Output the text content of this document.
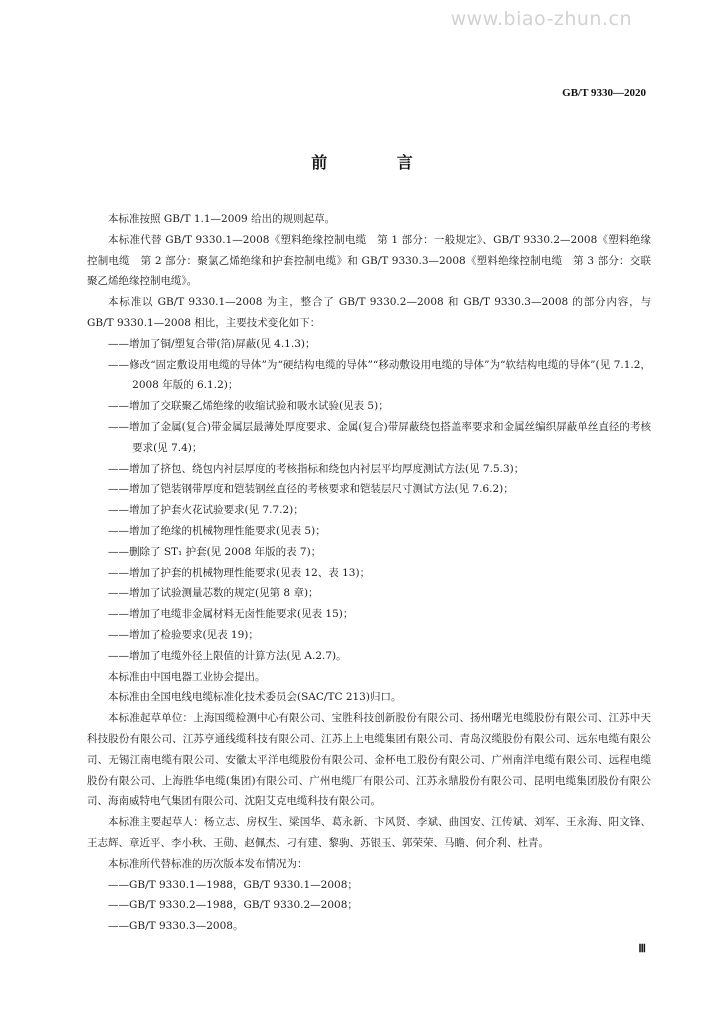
www.biao-zhun.cn
GB/T 9330—2020
前 言

本标准按照 GB/T 1.1—2009 给出的规则起草。

本标准代替 GB/T 9330.1—2008《塑料绝缘控制电缆　第 1 部分：一般规定》、GB/T 9330.2—2008《塑料绝缘控制电缆　第 2 部分：聚氯乙烯绝缘和护套控制电缆》和 GB/T 9330.3—2008《塑料绝缘控制电缆　第 3 部分：交联聚乙烯绝缘控制电缆》。

本标准以 GB/T 9330.1—2008 为主，整合了 GB/T 9330.2—2008 和 GB/T 9330.3—2008 的部分内容，与 GB/T 9330.1—2008 相比，主要技术变化如下：

——增加了铜/塑复合带(箔)屏蔽(见 4.1.3)；
——修改“固定敷设用电缆的导体”为“硬结构电缆的导体”“移动敷设用电缆的导体”为“软结构电缆的导体”(见 7.1.2，2008 年版的 6.1.2)；
——增加了交联聚乙烯绝缘的收缩试验和吸水试验(见表 5)；
——增加了金属(复合)带金属层最薄处厚度要求、金属(复合)带屏蔽绕包搭盖率要求和金属丝编织屏蔽单丝直径的考核要求(见 7.4)；
——增加了挤包、绕包内衬层厚度的考核指标和绕包内衬层平均厚度测试方法(见 7.5.3)；
——增加了铠装钢带厚度和铠装钢丝直径的考核要求和铠装层尺寸测试方法(见 7.6.2)；
——增加了护套火花试验要求(见 7.7.2)；
——增加了绝缘的机械物理性能要求(见表 5)；
——删除了 ST₁ 护套(见 2008 年版的表 7)；
——增加了护套的机械物理性能要求(见表 12、表 13)；
——增加了试验测量芯数的规定(见第 8 章)；
——增加了电缆非金属材料无卤性能要求(见表 15)；
——增加了检验要求(见表 19)；
——增加了电缆外径上限值的计算方法(见 A.2.7)。

本标准由中国电器工业协会提出。

本标准由全国电线电缆标准化技术委员会(SAC/TC 213)归口。

本标准起草单位：上海国缆检测中心有限公司、宝胜科技创新股份有限公司、扬州曙光电缆股份有限公司、江苏中天科技股份有限公司、江苏亨通线缆科技有限公司、江苏上上电缆集团有限公司、青岛汉缆股份有限公司、远东电缆有限公司、无锡江南电缆有限公司、安徽太平洋电缆股份有限公司、金杯电工股份有限公司、广州南洋电缆有限公司、远程电缆股份有限公司、上海胜华电缆(集团)有限公司、广州电缆厂有限公司、江苏永鼎股份有限公司、昆明电缆集团股份有限公司、海南威特电气集团有限公司、沈阳艾克电缆科技有限公司。

本标准主要起草人：杨立志、房权生、梁国华、葛永新、卞风贤、李斌、曲国安、江传斌、刘军、王永海、阳文锋、王志辉、章近平、李小秋、王勋、赵佩杰、刁有建、黎驹、苏银玉、郭荣荣、马瞻、何介利、杜青。

本标准所代替标准的历次版本发布情况为：

——GB/T 9330.1—1988，GB/T 9330.1—2008；
——GB/T 9330.2—1988，GB/T 9330.2—2008；
——GB/T 9330.3—2008。
Ⅲ
